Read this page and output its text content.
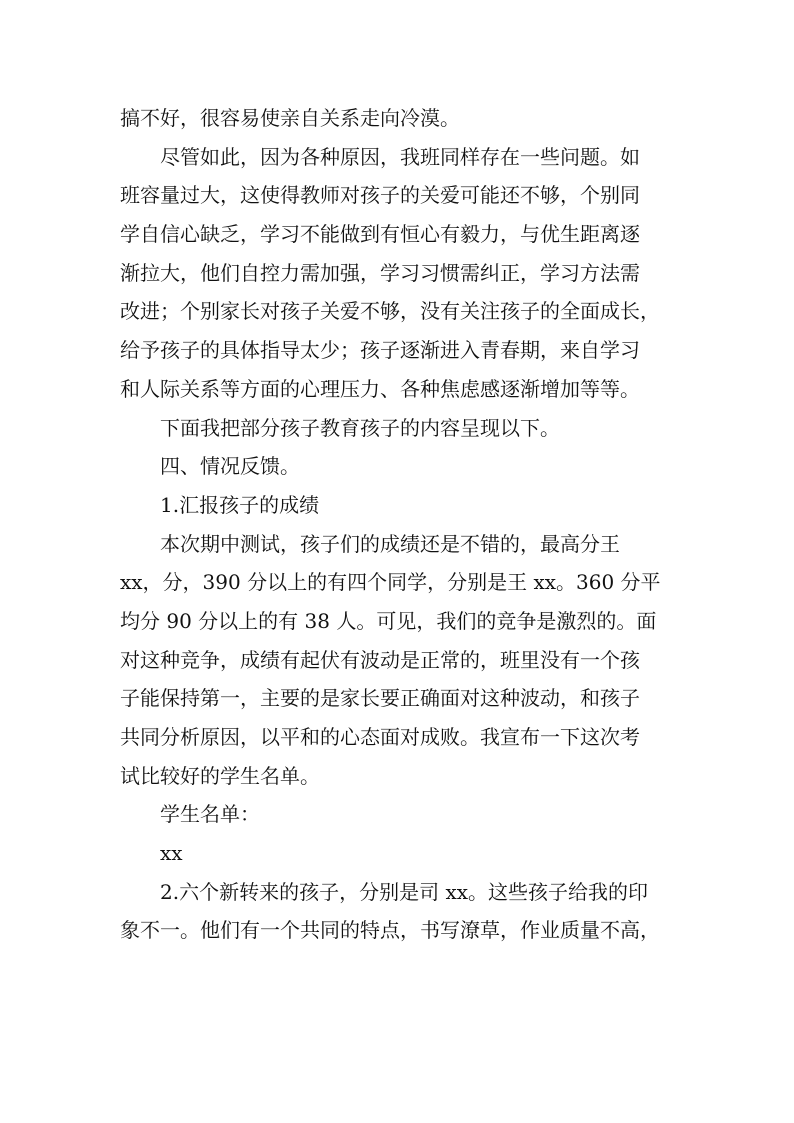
搞不好，很容易使亲自关系走向冷漠。
尽管如此，因为各种原因，我班同样存在一些问题。如
班容量过大，这使得教师对孩子的关爱可能还不够，个别同
学自信心缺乏，学习不能做到有恒心有毅力，与优生距离逐
渐拉大，他们自控力需加强，学习习惯需纠正，学习方法需
改进；个别家长对孩子关爱不够，没有关注孩子的全面成长，
给予孩子的具体指导太少；孩子逐渐进入青春期，来自学习
和人际关系等方面的心理压力、各种焦虑感逐渐增加等等。
下面我把部分孩子教育孩子的内容呈现以下。
四、情况反馈。
1.汇报孩子的成绩
本次期中测试，孩子们的成绩还是不错的，最高分王
xx，分，390 分以上的有四个同学，分别是王 xx。360 分平
均分 90 分以上的有 38 人。可见，我们的竞争是激烈的。面
对这种竞争，成绩有起伏有波动是正常的，班里没有一个孩
子能保持第一，主要的是家长要正确面对这种波动，和孩子
共同分析原因，以平和的心态面对成败。我宣布一下这次考
试比较好的学生名单。
学生名单：
xx
2.六个新转来的孩子，分别是司 xx。这些孩子给我的印
象不一。他们有一个共同的特点，书写潦草，作业质量不高，
